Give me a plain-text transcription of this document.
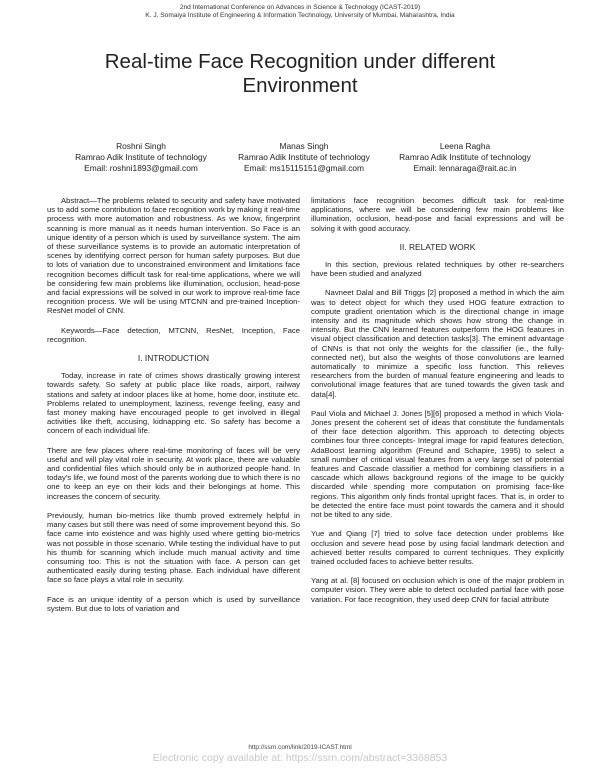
2nd International Conference on Advances in Science & Technology (ICAST-2019)
K. J. Somaiya Institute of Engineering & Information Technology, University of Mumbai, Maharashtra, India
Real-time Face Recognition under different Environment
Roshni Singh
Ramrao Adik Institute of technology
Email: roshni1893@gmail.com
Manas Singh
Ramrao Adik Institute of technology
Email: ms15115151@gmail.com
Leena Ragha
Ramrao Adik Institute of technology
Email: lennaraga@rait.ac.in

Abstract—The problems related to security and safety have motivated us to add some contribution to face recognition work by making it real-time process with more automation and robustness. As we know, fingerprint scanning is more manual as it needs human intervention. So Face is an unique identity of a person which is used by surveillance system. The aim of these surveillance systems is to provide an automatic interpretation of scenes by identifying correct person for human safety purposes. But due to lots of variation due to unconstrained environment and limitations face recognition becomes difficult task for real-time applications, where we will be considering few main problems like illumination, occlusion, head-pose and facial expressions will be solved in our work to improve real-time face recognition process. We will be using MTCNN and pre-trained Inception- ResNet model of CNN.

Keywords—Face detection, MTCNN, ResNet, Inception, Face recognition.

I. INTRODUCTION

Today, increase in rate of crimes shows drastically growing interest towards safety. So safety at public place like roads, airport, railway stations and safety at indoor places like at home, home door, institute etc. Problems related to unemployment, laziness, revenge feeling, easy and fast money making have encouraged people to get involved in illegal activities like theft, accusing, kidnapping etc. So safety has become a concern of each individual life.

There are few places where real-time monitoring of faces will be very useful and will play vital role in security. At work place, there are valuable and confidential files which should only be in authorized people hand. In today's life, we found most of the parents working due to which there is no one to keep an eye on their kids and their belongings at home. This increases the concern of security.

Previously, human bio-metrics like thumb proved extremely helpful in many cases but still there was need of some improvement beyond this. So face came into existence and was highly used where getting bio-metrics was not possible in those scenario. While testing the individual have to put his thumb for scanning which include much manual activity and time consuming too. This is not the situation with face. A person can get authenticated easily during testing phase. Each individual have different face so face plays a vital role in security.

Face is an unique identity of a person which is used by surveillance system. But due to lots of variation and

limitations face recognition becomes difficult task for real-time applications, where we will be considering few main problems like illumination, occlusion, head-pose and facial expressions and will be solving it with good accuracy.

II. RELATED WORK

In this section, previous related techniques by other re-searchers have been studied and analyzed

Navneet Dalal and Bill Triggs [2] proposed a method in which the aim was to detect object for which they used HOG feature extraction to compute gradient orientation which is the directional change in image intensity and its magnitude which shows how strong the change in intensity. But the CNN learned features outperform the HOG features in visual object classification and detection tasks[3]. The eminent advantage of CNNs is that not only the weights for the classifier (ie., the fully-connected net), but also the weights of those convolutions are learned automatically to minimize a specific loss function. This relieves researchers from the burden of manual feature engineering and leads to convolutional image features that are tuned towards the given task and data[4].

Paul Viola and Michael J. Jones [5][6] proposed a method in which Viola-Jones present the coherent set of ideas that constitute the fundamentals of their face detection algorithm. This approach to detecting objects combines four three concepts- Integral image for rapid features detection, AdaBoost learning algorithm (Freund and Schapire, 1995) to select a small number of critical visual features from a very large set of potential features and Cascade classifier a method for combining classifiers in a cascade which allows background regions of the image to be quickly discarded while spending more computation on promising face-like regions. This algorithm only finds frontal upright faces. That is, in order to be detected the entire face must point towards the camera and it should not be tilted to any side.

Yue and Qiang [7] tried to solve face detection under problems like occlusion and severe head pose by using facial landmark detection and achieved better results compared to current techniques. They explicitly trained occluded faces to achieve better results.

Yang at al. [8] focused on occlusion which is one of the major problem in computer vision. They were able to detect occluded partial face with pose variation. For face recognition, they used deep CNN for facial attribute

http://ssrn.com/link/2019-ICAST.html
Electronic copy available at: https://ssrn.com/abstract=3368853
